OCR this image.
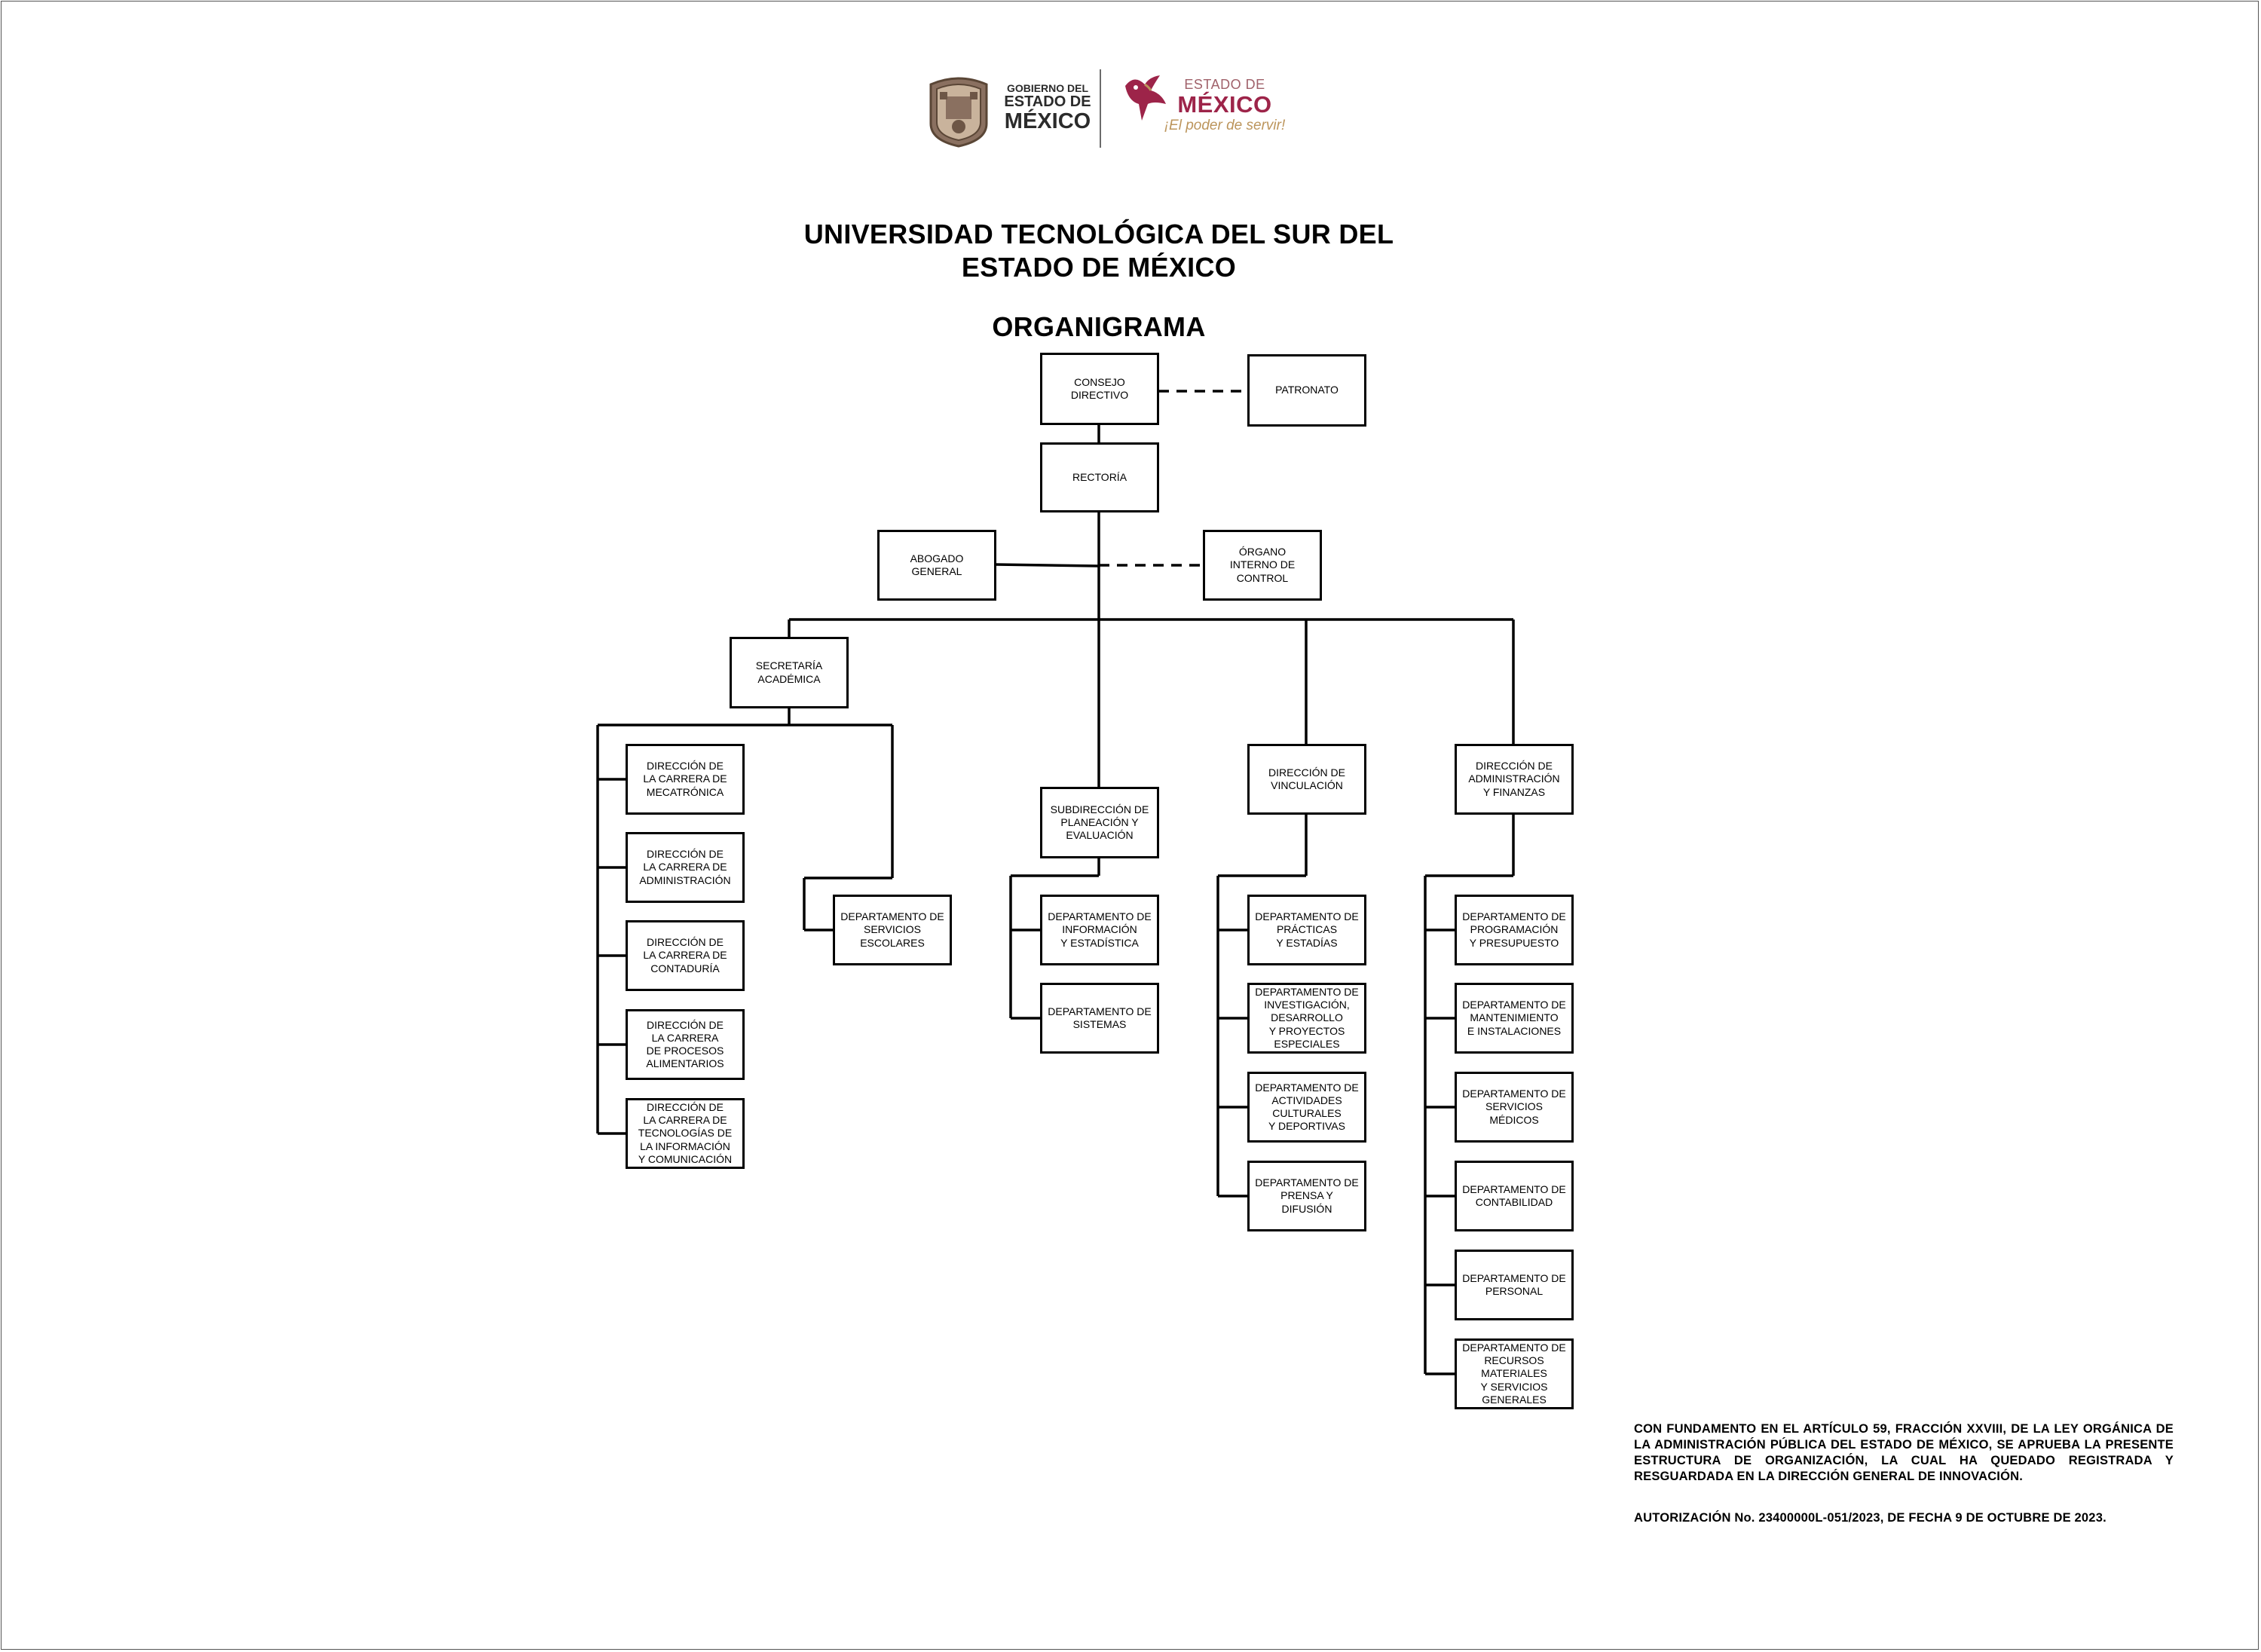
GOBIERNO DEL
ESTADO DE
MÉXICO
ESTADO DE
MÉXICO
¡El poder de servir!
UNIVERSIDAD TECNOLÓGICA DEL SUR DEL
ESTADO DE MÉXICO
ORGANIGRAMA
CONSEJO
DIRECTIVO	PATRONATO
RECTORÍA
ABOGADO
GENERAL
ÓRGANO
INTERNO DE
CONTROL
SECRETARÍA
ACADÉMICA
DIRECCIÓN DE
LA CARRERA DE
MECATRÓNICA
DIRECCIÓN DE
LA CARRERA DE
ADMINISTRACIÓN
DIRECCIÓN DE
LA CARRERA DE
CONTADURÍA
DIRECCIÓN DE
LA CARRERA
DE PROCESOS
ALIMENTARIOS
DIRECCIÓN DE
LA CARRERA DE
TECNOLOGÍAS DE
LA INFORMACIÓN
Y COMUNICACIÓN
DEPARTAMENTO DE
SERVICIOS
ESCOLARES
SUBDIRECCIÓN DE
PLANEACIÓN Y
EVALUACIÓN
DEPARTAMENTO DE
INFORMACIÓN
Y ESTADÍSTICA
DEPARTAMENTO DE
SISTEMAS
DIRECCIÓN DE
VINCULACIÓN
DEPARTAMENTO DE
PRÁCTICAS
Y ESTADÍAS
DEPARTAMENTO DE
INVESTIGACIÓN,
DESARROLLO
Y PROYECTOS
ESPECIALES
DEPARTAMENTO DE
ACTIVIDADES
CULTURALES
Y DEPORTIVAS
DEPARTAMENTO DE
PRENSA Y
DIFUSIÓN
DIRECCIÓN DE
ADMINISTRACIÓN
Y FINANZAS
DEPARTAMENTO DE
PROGRAMACIÓN
Y PRESUPUESTO
DEPARTAMENTO DE
MANTENIMIENTO
E INSTALACIONES
DEPARTAMENTO DE
SERVICIOS
MÉDICOS
DEPARTAMENTO DE
CONTABILIDAD
DEPARTAMENTO DE
PERSONAL
DEPARTAMENTO DE
RECURSOS
MATERIALES
Y SERVICIOS
GENERALES
CON FUNDAMENTO EN EL ARTÍCULO 59, FRACCIÓN XXVIII, DE LA LEY ORGÁNICA DE LA ADMINISTRACIÓN PÚBLICA DEL ESTADO DE MÉXICO, SE APRUEBA LA PRESENTE ESTRUCTURA DE ORGANIZACIÓN, LA CUAL HA QUEDADO REGISTRADA Y RESGUARDADA EN LA DIRECCIÓN GENERAL DE INNOVACIÓN.
AUTORIZACIÓN No. 23400000L-051/2023, DE FECHA 9 DE OCTUBRE DE 2023.
